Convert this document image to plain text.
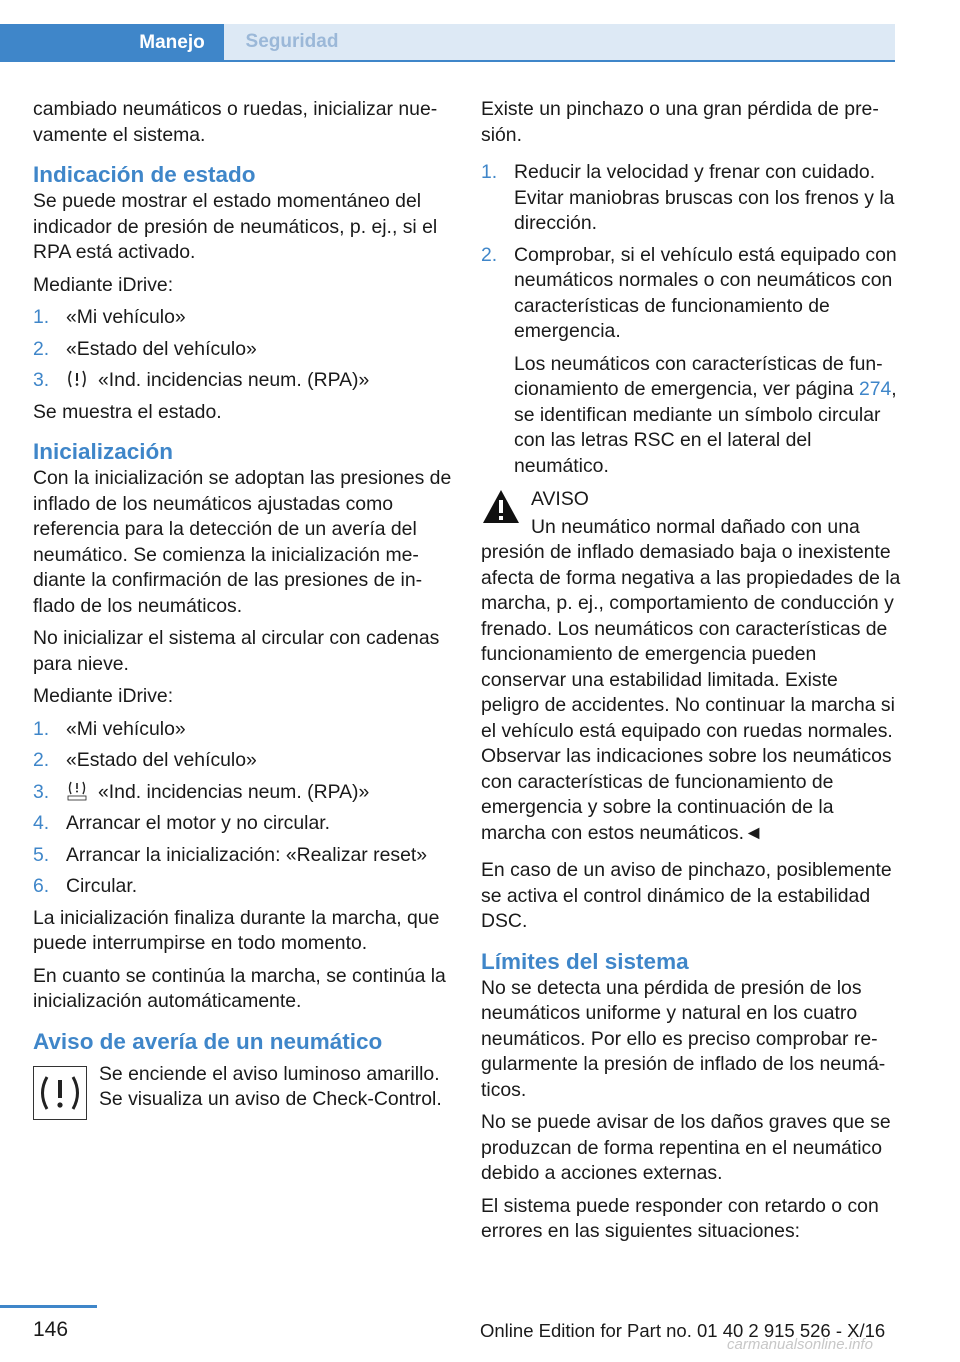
Manejo	Seguridad

cambiado neumáticos o ruedas, inicializar nuevamente el sistema.

Indicación de estado

Se puede mostrar el estado momentáneo del indicador de presión de neumáticos, p. ej., si el RPA está activado.

Mediante iDrive:

1. «Mi vehículo»
2. «Estado del vehículo»
3.	«Ind. incidencias neum. (RPA)»

Se muestra el estado.

Inicialización

Con la inicialización se adoptan las presiones de inflado de los neumáticos ajustadas como referencia para la detección de un avería del neumático. Se comienza la inicialización mediante la confirmación de las presiones de inflado de los neumáticos.

No inicializar el sistema al circular con cadenas para nieve.

Mediante iDrive:

1. «Mi vehículo»
2. «Estado del vehículo»
3.	«Ind. incidencias neum. (RPA)»
4. Arrancar el motor y no circular.
5. Arrancar la inicialización: «Realizar reset»
6. Circular.

La inicialización finaliza durante la marcha, que puede interrumpirse en todo momento.

En cuanto se continúa la marcha, se continúa la inicialización automáticamente.

Aviso de avería de un neumático

Se enciende el aviso luminoso amarillo. Se visualiza un aviso de Check-Control.

Existe un pinchazo o una gran pérdida de presión.

1. Reducir la velocidad y frenar con cuidado. Evitar maniobras bruscas con los frenos y la dirección.
2. Comprobar, si el vehículo está equipado con neumáticos normales o con neumáticos con características de funcionamiento de emergencia.
Los neumáticos con características de funcionamiento de emergencia, ver página 274, se identifican mediante un símbolo circular con las letras RSC en el lateral del neumático.

AVISO

Un neumático normal dañado con una presión de inflado demasiado baja o inexistente afecta de forma negativa a las propiedades de la marcha, p. ej., comportamiento de conducción y frenado. Los neumáticos con características de funcionamiento de emergencia pueden conservar una estabilidad limitada. Existe peligro de accidentes. No continuar la marcha si el vehículo está equipado con ruedas normales. Observar las indicaciones sobre los neumáticos con características de funcionamiento de emergencia y sobre la continuación de la marcha con estos neumáticos.◄

En caso de un aviso de pinchazo, posiblemente se activa el control dinámico de la estabilidad DSC.

Límites del sistema

No se detecta una pérdida de presión de los neumáticos uniforme y natural en los cuatro neumáticos. Por ello es preciso comprobar regularmente la presión de inflado de los neumáticos.

No se puede avisar de los daños graves que se produzcan de forma repentina en el neumático debido a acciones externas.

El sistema puede responder con retardo o con errores en las siguientes situaciones:

146	Online Edition for Part no. 01 40 2 915 526 - X/16
carmanualsonline.info
